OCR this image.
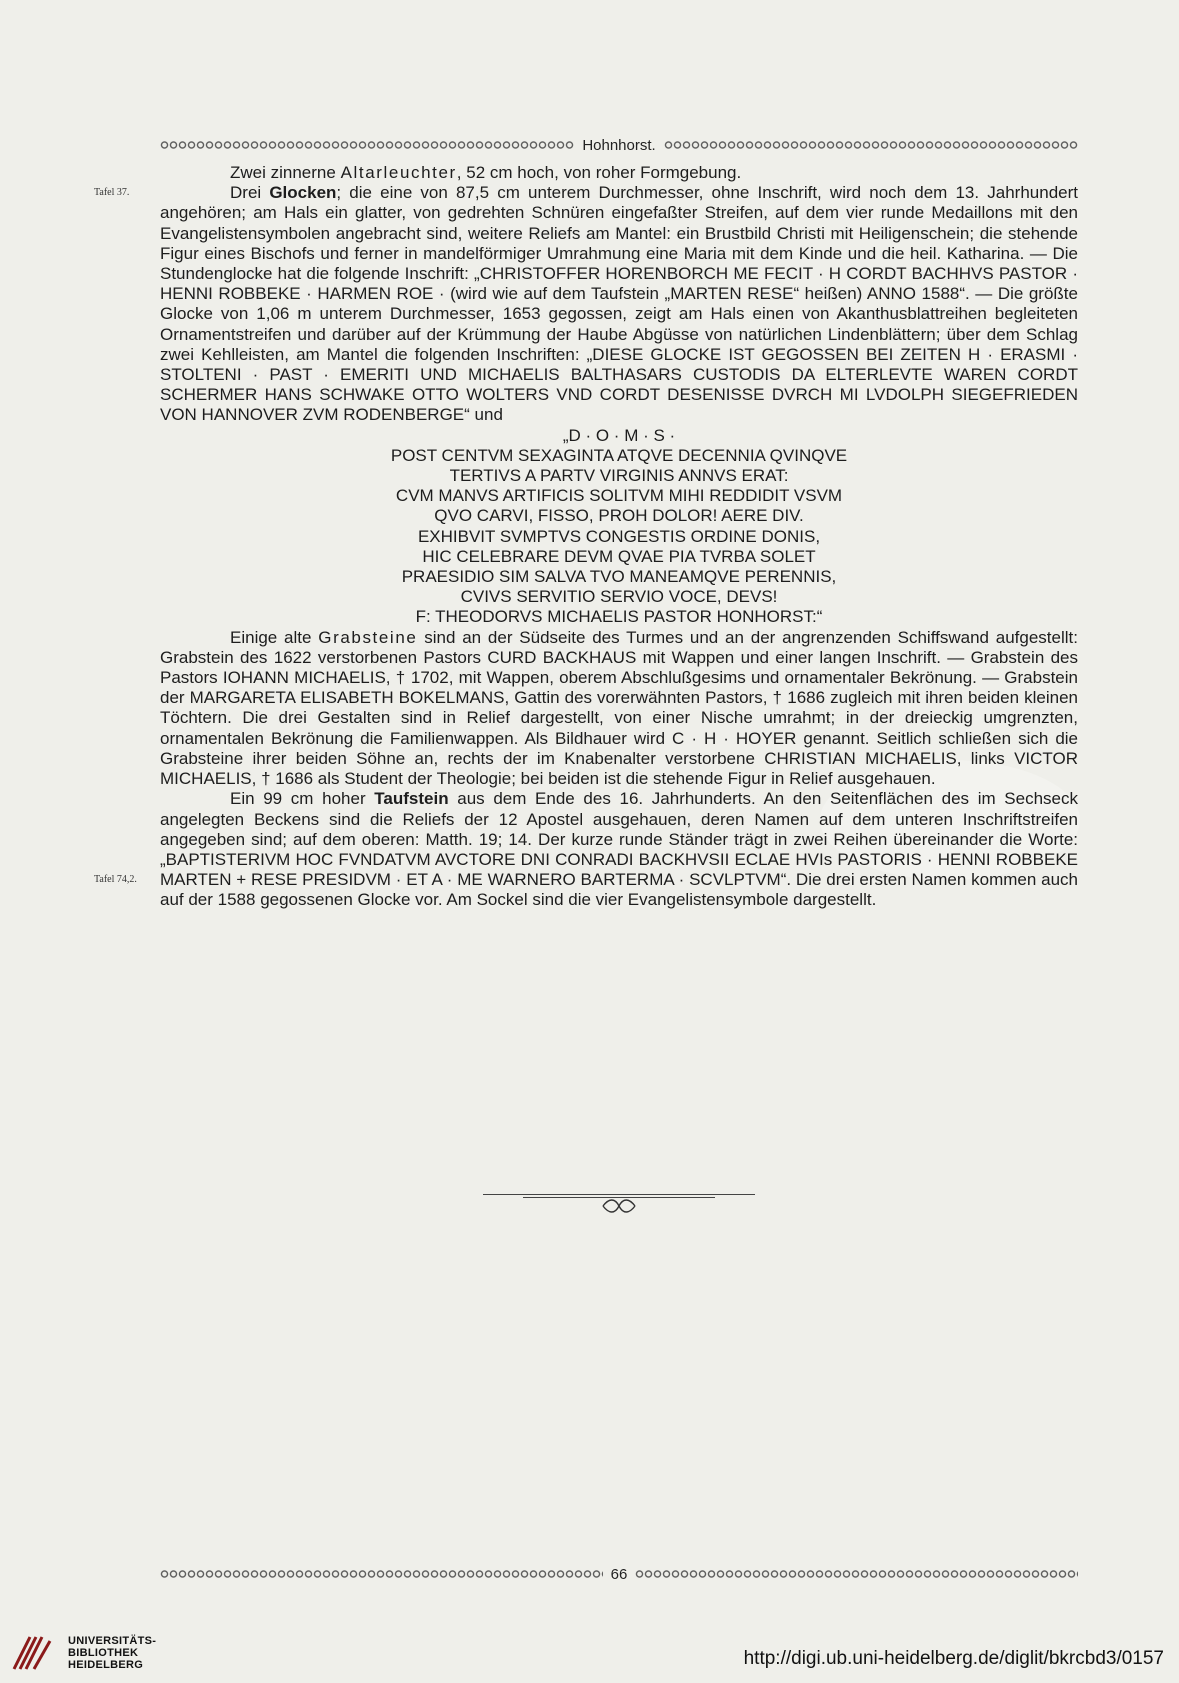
Hohnhorst.
Tafel 37.
Tafel 74,2.

Zwei zinnerne Altarleuchter, 52 cm hoch, von roher Formgebung.

Drei Glocken; die eine von 87,5 cm unterem Durchmesser, ohne Inschrift, wird noch dem 13. Jahrhundert angehören; am Hals ein glatter, von gedrehten Schnüren eingefaßter Streifen, auf dem vier runde Medaillons mit den Evangelistensymbolen angebracht sind, weitere Reliefs am Mantel: ein Brustbild Christi mit Heiligenschein; die stehende Figur eines Bischofs und ferner in mandelförmiger Umrahmung eine Maria mit dem Kinde und die heil. Katharina. — Die Stundenglocke hat die folgende Inschrift: „CHRISTOFFER HORENBORCH ME FECIT · H CORDT BACHHVS PASTOR · HENNI ROBBEKE · HARMEN ROE · (wird wie auf dem Taufstein „MARTEN RESE“ heißen) ANNO 1588“. — Die größte Glocke von 1,06 m unterem Durchmesser, 1653 gegossen, zeigt am Hals einen von Akanthusblattreihen begleiteten Ornamentstreifen und darüber auf der Krümmung der Haube Abgüsse von natürlichen Lindenblättern; über dem Schlag zwei Kehlleisten, am Mantel die folgenden Inschriften: „DIESE GLOCKE IST GEGOSSEN BEI ZEITEN H · ERASMI · STOLTENI · PAST · EMERITI UND MICHAELIS BALTHASARS CUSTODIS DA ELTERLEVTE WAREN CORDT SCHERMER HANS SCHWAKE OTTO WOLTERS VND CORDT DESENISSE DVRCH MI LVDOLPH SIEGEFRIEDEN VON HANNOVER ZVM RODENBERGE“ und

„D · O · M · S ·

POST CENTVM SEXAGINTA ATQVE DECENNIA QVINQVE

TERTIVS A PARTV VIRGINIS ANNVS ERAT:

CVM MANVS ARTIFICIS SOLITVM MIHI REDDIDIT VSVM

QVO CARVI, FISSO, PROH DOLOR! AERE DIV.

EXHIBVIT SVMPTVS CONGESTIS ORDINE DONIS,

HIC CELEBRARE DEVM QVAE PIA TVRBA SOLET

PRAESIDIO SIM SALVA TVO MANEAMQVE PERENNIS,

CVIVS SERVITIO SERVIO VOCE, DEVS!

F: THEODORVS MICHAELIS PASTOR HONHORST:“

Einige alte Grabsteine sind an der Südseite des Turmes und an der angrenzenden Schiffswand aufgestellt: Grabstein des 1622 verstorbenen Pastors CURD BACKHAUS mit Wappen und einer langen Inschrift. — Grabstein des Pastors IOHANN MICHAELIS, † 1702, mit Wappen, oberem Abschlußgesims und ornamentaler Bekrönung. — Grabstein der MARGARETA ELISABETH BOKELMANS, Gattin des vorerwähnten Pastors, † 1686 zugleich mit ihren beiden kleinen Töchtern. Die drei Gestalten sind in Relief dargestellt, von einer Nische umrahmt; in der dreieckig umgrenzten, ornamentalen Bekrönung die Familienwappen. Als Bildhauer wird C · H · HOYER genannt. Seitlich schließen sich die Grabsteine ihrer beiden Söhne an, rechts der im Knabenalter verstorbene CHRISTIAN MICHAELIS, links VICTOR MICHAELIS, † 1686 als Student der Theologie; bei beiden ist die stehende Figur in Relief ausgehauen.

Ein 99 cm hoher Taufstein aus dem Ende des 16. Jahrhunderts. An den Seitenflächen des im Sechseck angelegten Beckens sind die Reliefs der 12 Apostel ausgehauen, deren Namen auf dem unteren Inschriftstreifen angegeben sind; auf dem oberen: Matth. 19; 14. Der kurze runde Ständer trägt in zwei Reihen übereinander die Worte: „BAPTISTERIVM HOC FVNDATVM AVCTORE DNI CONRADI BACKHVSII ECLAE HVIs PASTORIS · HENNI ROBBEKE MARTEN + RESE PRESIDVM · ET A · ME WARNERO BARTERMA · SCVLPTVM“. Die drei ersten Namen kommen auch auf der 1588 gegossenen Glocke vor. Am Sockel sind die vier Evangelistensymbole dargestellt.

66
UNIVERSITÄTS-
BIBLIOTHEK
HEIDELBERG	http://digi.ub.uni-heidelberg.de/diglit/bkrcbd3/0157
